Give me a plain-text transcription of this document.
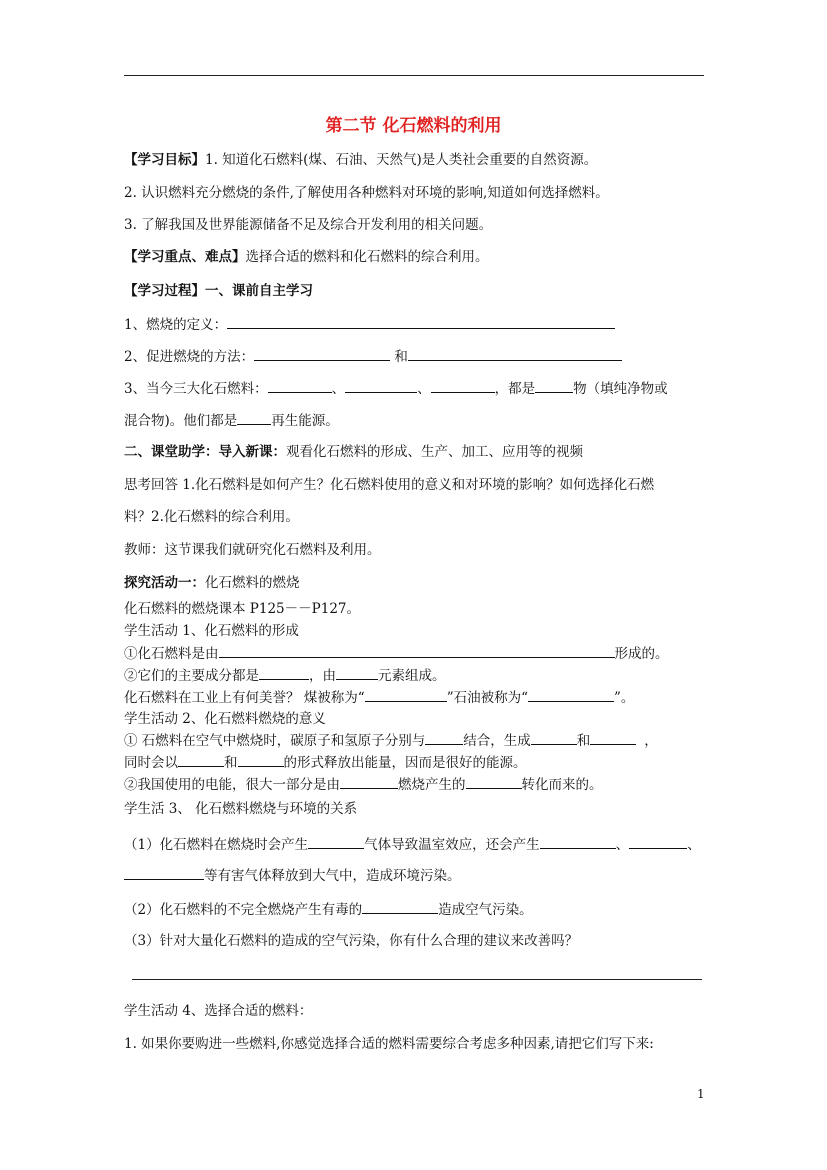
第二节 化石燃料的利用
【学习目标】1. 知道化石燃料(煤、石油、天然气)是人类社会重要的自然资源。
2. 认识燃料充分燃烧的条件,了解使用各种燃料对环境的影响,知道如何选择燃料。
3. 了解我国及世界能源储备不足及综合开发利用的相关问题。
【学习重点、难点】选择合适的燃料和化石燃料的综合利用。
【学习过程】一、课前自主学习
1、燃烧的定义：
2、促进燃烧的方法：	和
3、当今三大化石燃料：	、	、	，都是	物（填纯净物或
混合物)。他们都是	再生能源。
二、课堂助学：导入新课：观看化石燃料的形成、生产、加工、应用等的视频
思考回答 1.化石燃料是如何产生？化石燃料使用的意义和对环境的影响？如何选择化石燃
料？2.化石燃料的综合利用。
教师：这节课我们就研究化石燃料及利用。
探究活动一：化石燃料的燃烧
化石燃料的燃烧课本 P125－－P127。
学生活动 1、化石燃料的形成
①化石燃料是由	形成的。
②它们的主要成分都是	，由	元素组成。
化石燃料在工业上有何美誉？ 煤被称为“	”石油被称为“	”。
学生活动 2、化石燃料燃烧的意义
① 石燃料在空气中燃烧时，碳原子和氢原子分别与	结合，生成	和	，
同时会以	和	的形式释放出能量，因而是很好的能源。
②我国使用的电能，很大一部分是由	燃烧产生的	转化而来的。
学生活 3、 化石燃料燃烧与环境的关系
（1）化石燃料在燃烧时会产生	气体导致温室效应，还会产生	、	、
等有害气体释放到大气中，造成环境污染。
（2）化石燃料的不完全燃烧产生有毒的	造成空气污染。
（3）针对大量化石燃料的造成的空气污染，你有什么合理的建议来改善吗？
学生活动 4、选择合适的燃料：
1. 如果你要购进一些燃料,你感觉选择合适的燃料需要综合考虑多种因素,请把它们写下来:
1
